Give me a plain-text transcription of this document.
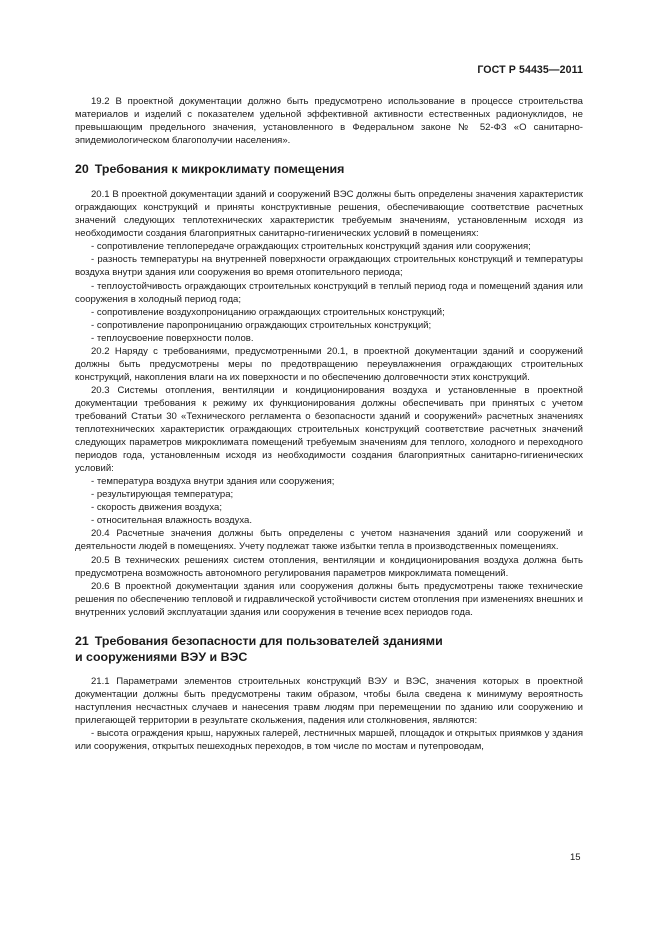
ГОСТ Р 54435—2011

19.2 В проектной документации должно быть предусмотрено использование в процессе строительства материалов и изделий с показателем удельной эффективной активности естественных радионуклидов, не превышающим предельного значения, установленного в Федеральном законе № 52-ФЗ «О санитарно-эпидемиологическом благополучии населения».

20 Требования к микроклимату помещения

20.1 В проектной документации зданий и сооружений ВЭС должны быть определены значения характеристик ограждающих конструкций и приняты конструктивные решения, обеспечивающие соответствие расчетных значений следующих теплотехнических характеристик требуемым значениям, установленным исходя из необходимости создания благоприятных санитарно-гигиенических условий в помещениях:

- сопротивление теплопередаче ограждающих строительных конструкций здания или сооружения;

- разность температуры на внутренней поверхности ограждающих строительных конструкций и температуры воздуха внутри здания или сооружения во время отопительного периода;

- теплоустойчивость ограждающих строительных конструкций в теплый период года и помещений здания или сооружения в холодный период года;

- сопротивление воздухопроницанию ограждающих строительных конструкций;

- сопротивление паропроницанию ограждающих строительных конструкций;

- теплоусвоение поверхности полов.

20.2 Наряду с требованиями, предусмотренными 20.1, в проектной документации зданий и сооружений должны быть предусмотрены меры по предотвращению переувлажнения ограждающих строительных конструкций, накопления влаги на их поверхности и по обеспечению долговечности этих конструкций.

20.3 Системы отопления, вентиляции и кондиционирования воздуха и установленные в проектной документации требования к режиму их функционирования должны обеспечивать при принятых с учетом требований Статьи 30 «Технического регламента о безопасности зданий и сооружений» расчетных значениях теплотехнических характеристик ограждающих строительных конструкций соответствие расчетных значений следующих параметров микроклимата помещений требуемым значениям для теплого, холодного и переходного периодов года, установленным исходя из необходимости создания благоприятных санитарно-гигиенических условий:

- температура воздуха внутри здания или сооружения;

- результирующая температура;

- скорость движения воздуха;

- относительная влажность воздуха.

20.4 Расчетные значения должны быть определены с учетом назначения зданий или сооружений и деятельности людей в помещениях. Учету подлежат также избытки тепла в производственных помещениях.

20.5 В технических решениях систем отопления, вентиляции и кондиционирования воздуха должна быть предусмотрена возможность автономного регулирования параметров микроклимата помещений.

20.6 В проектной документации здания или сооружения должны быть предусмотрены также технические решения по обеспечению тепловой и гидравлической устойчивости систем отопления при изменениях внешних и внутренних условий эксплуатации здания или сооружения в течение всех периодов года.

21 Требования безопасности для пользователей зданиями
и сооружениями ВЭУ и ВЭС

21.1 Параметрами элементов строительных конструкций ВЭУ и ВЭС, значения которых в проектной документации должны быть предусмотрены таким образом, чтобы была сведена к минимуму вероятность наступления несчастных случаев и нанесения травм людям при перемещении по зданию или сооружению и прилегающей территории в результате скольжения, падения или столкновения, являются:

- высота ограждения крыш, наружных галерей, лестничных маршей, площадок и открытых приямков у здания или сооружения, открытых пешеходных переходов, в том числе по мостам и путепроводам,

15
